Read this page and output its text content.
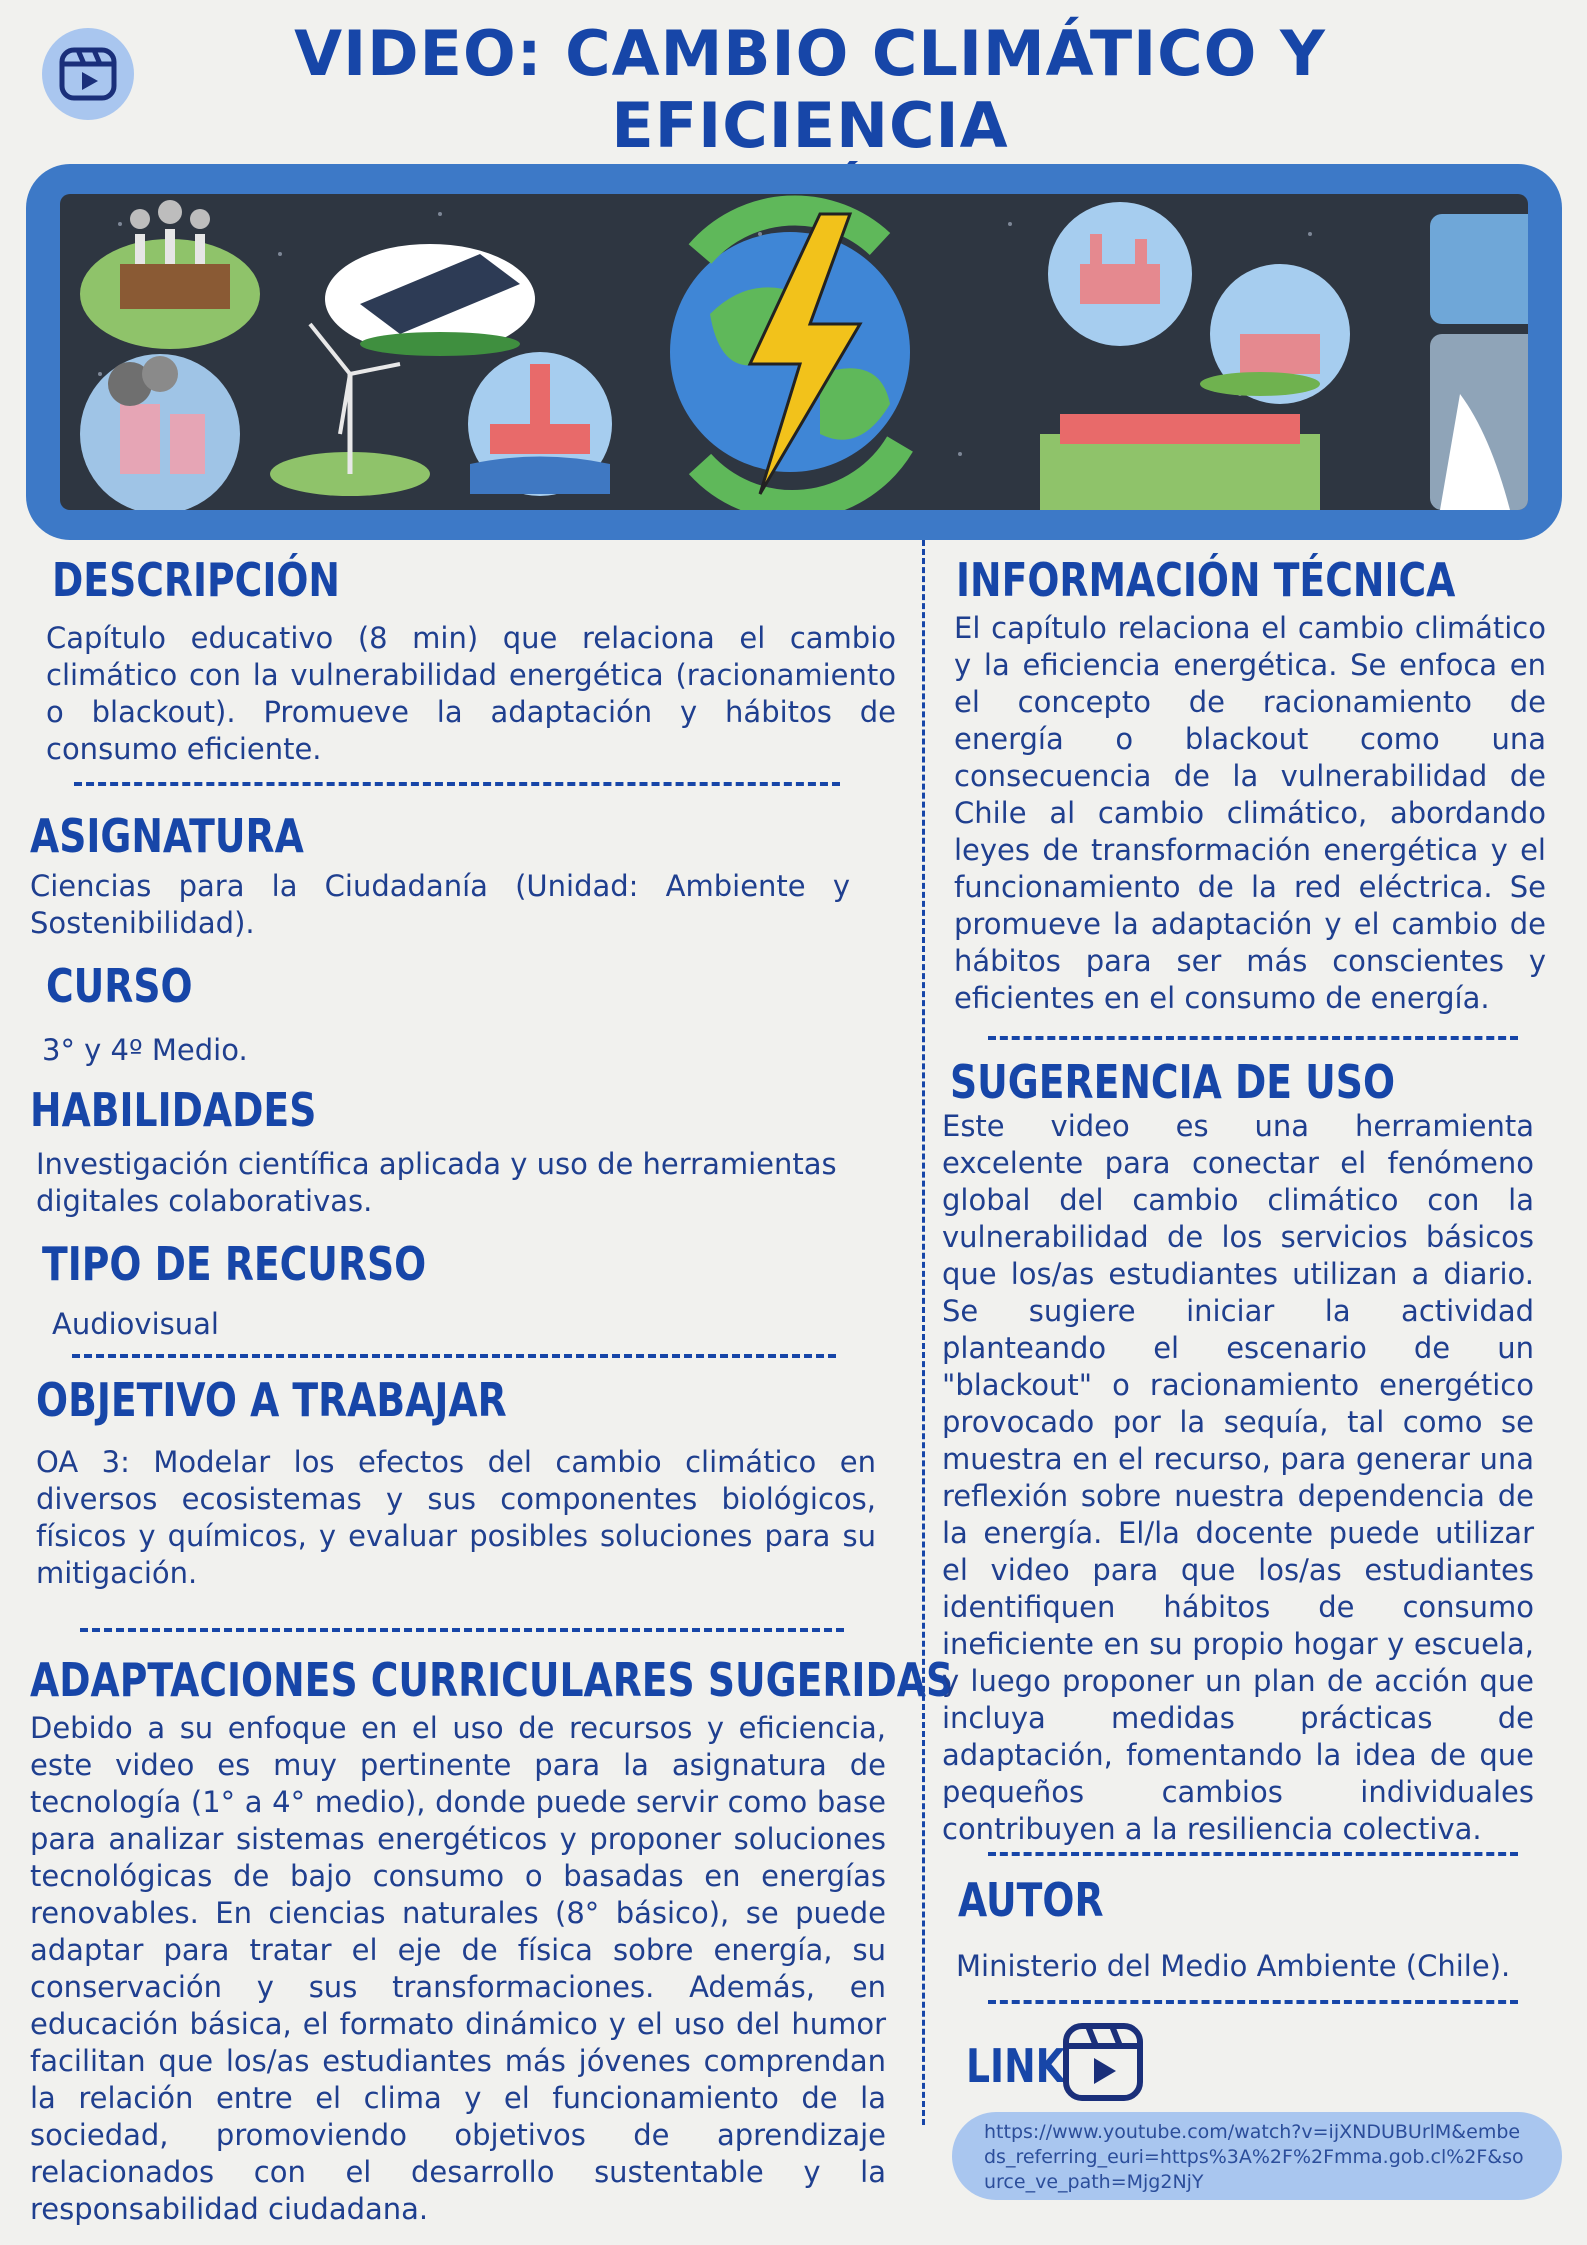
VIDEO: CAMBIO CLIMÁTICO Y EFICIENCIA
DESCRIPCIÓN

Capítulo educativo (8 min) que relaciona el cambio climático con la vulnerabilidad energética (racionamiento o blackout). Promueve la adaptación y hábitos de consumo eficiente.

ASIGNATURA

Ciencias para la Ciudadanía (Unidad: Ambiente y Sostenibilidad).

CURSO

3° y 4º Medio.

HABILIDADES

Investigación científica aplicada y uso de herramientas digitales colaborativas.

TIPO DE RECURSO

Audiovisual

OBJETIVO A TRABAJAR

OA 3: Modelar los efectos del cambio climático en diversos ecosistemas y sus componentes biológicos, físicos y químicos, y evaluar posibles soluciones para su mitigación.

ADAPTACIONES CURRICULARES SUGERIDAS

Debido a su enfoque en el uso de recursos y eficiencia, este video es muy pertinente para la asignatura de tecnología (1° a 4° medio), donde puede servir como base para analizar sistemas energéticos y proponer soluciones tecnológicas de bajo consumo o basadas en energías renovables. En ciencias naturales (8° básico), se puede adaptar para tratar el eje de física sobre energía, su conservación y sus transformaciones. Además, en educación básica, el formato dinámico y el uso del humor facilitan que los/as estudiantes más jóvenes comprendan la relación entre el clima y el funcionamiento de la sociedad, promoviendo objetivos de aprendizaje relacionados con el desarrollo sustentable y la responsabilidad ciudadana.

INFORMACIÓN TÉCNICA

El capítulo relaciona el cambio climático y la eficiencia energética. Se enfoca en el concepto de racionamiento de energía o blackout como una consecuencia de la vulnerabilidad de Chile al cambio climático, abordando leyes de transformación energética y el funcionamiento de la red eléctrica. Se promueve la adaptación y el cambio de hábitos para ser más conscientes y eficientes en el consumo de energía.

SUGERENCIA DE USO

Este video es una herramienta excelente para conectar el fenómeno global del cambio climático con la vulnerabilidad de los servicios básicos que los/as estudiantes utilizan a diario. Se sugiere iniciar la actividad planteando el escenario de un "blackout" o racionamiento energético provocado por la sequía, tal como se muestra en el recurso, para generar una reflexión sobre nuestra dependencia de la energía. El/la docente puede utilizar el video para que los/as estudiantes identifiquen hábitos de consumo ineficiente en su propio hogar y escuela, y luego proponer un plan de acción que incluya medidas prácticas de adaptación, fomentando la idea de que pequeños cambios individuales contribuyen a la resiliencia colectiva.

AUTOR

Ministerio del Medio Ambiente (Chile).

LINK
https://www.youtube.com/watch?v=ijXNDUBUrlM&embeds_referring_euri=https%3A%2F%2Fmma.gob.cl%2F&source_ve_path=Mjg2NjY
